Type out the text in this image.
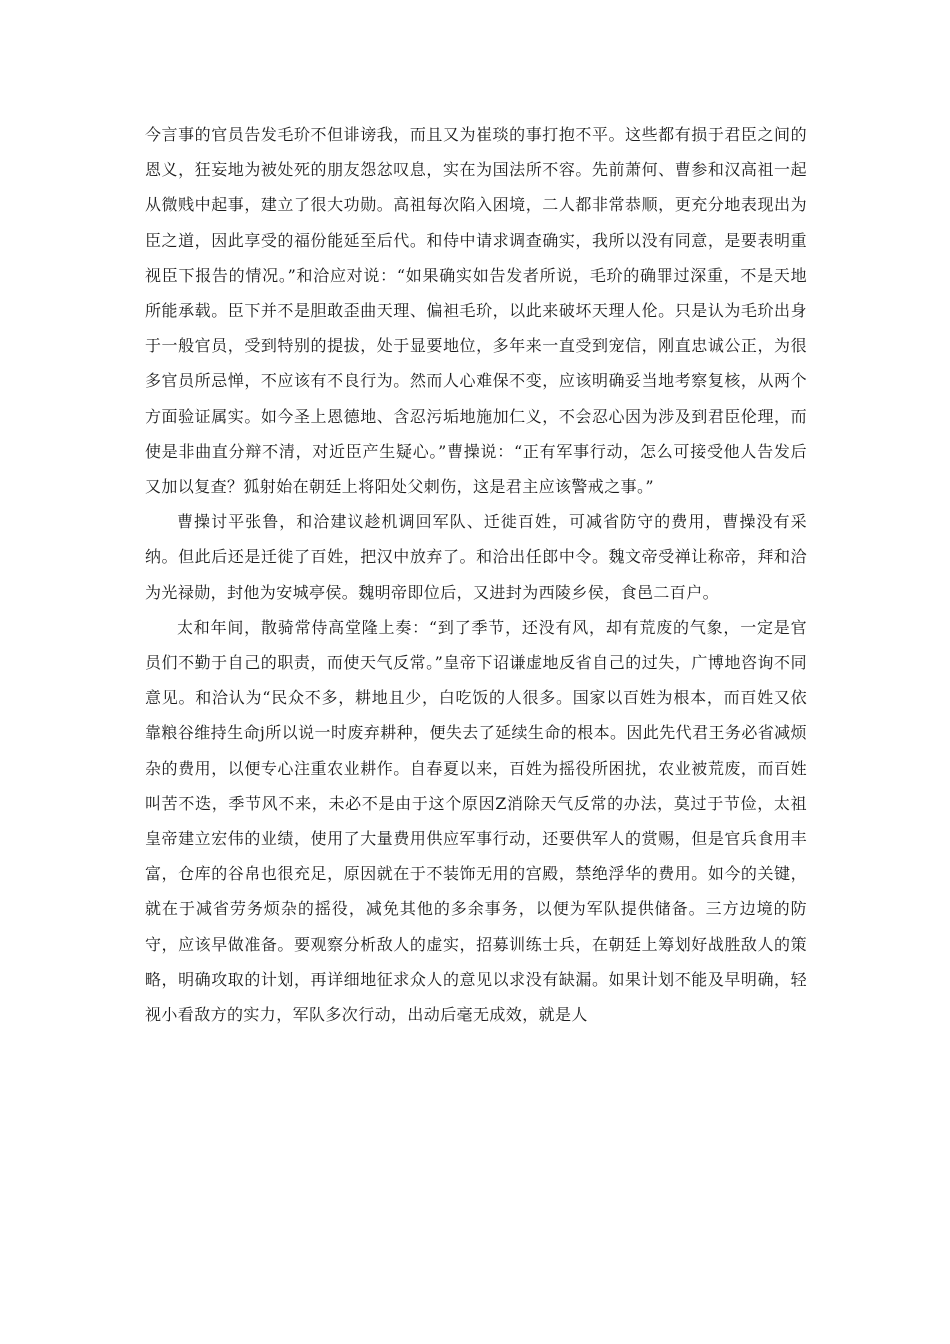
今言事的官员告发毛玠不但诽谤我，而且又为崔琰的事打抱不平。这些都有损于君臣之间的恩义，狂妄地为被处死的朋友怨忿叹息，实在为国法所不容。先前萧何、曹参和汉高祖一起从微贱中起事，建立了很大功勋。高祖每次陷入困境，二人都非常恭顺，更充分地表现出为臣之道，因此享受的福份能延至后代。和侍中请求调查确实，我所以没有同意，是要表明重视臣下报告的情况。”和洽应对说：“如果确实如告发者所说，毛玠的确罪过深重，不是天地所能承载。臣下并不是胆敢歪曲天理、偏袒毛玠，以此来破坏天理人伦。只是认为毛玠出身于一般官员，受到特别的提拔，处于显要地位，多年来一直受到宠信，刚直忠诚公正，为很多官员所忌惮，不应该有不良行为。然而人心难保不变，应该明确妥当地考察复核，从两个方面验证属实。如今圣上恩德地、含忍污垢地施加仁义，不会忍心因为涉及到君臣伦理，而使是非曲直分辩不清，对近臣产生疑心。”曹操说：“正有军事行动，怎么可接受他人告发后又加以复查？狐射始在朝廷上将阳处父刺伤，这是君主应该警戒之事。”

曹操讨平张鲁，和洽建议趁机调回军队、迁徙百姓，可减省防守的费用，曹操没有采纳。但此后还是迁徙了百姓，把汉中放弃了。和洽出任郎中令。魏文帝受禅让称帝，拜和洽为光禄勋，封他为安城亭侯。魏明帝即位后，又进封为西陵乡侯，食邑二百户。

太和年间，散骑常侍高堂隆上奏：“到了季节，还没有风，却有荒废的气象，一定是官员们不勤于自己的职责，而使天气反常。”皇帝下诏谦虚地反省自己的过失，广博地咨询不同意见。和洽认为“民众不多，耕地且少，白吃饭的人很多。国家以百姓为根本，而百姓又依靠粮谷维持生命j所以说一时废弃耕种，便失去了延续生命的根本。因此先代君王务必省减烦杂的费用，以便专心注重农业耕作。自春夏以来，百姓为摇役所困扰，农业被荒废，而百姓叫苦不迭，季节风不来，未必不是由于这个原因Z消除天气反常的办法，莫过于节俭，太祖皇帝建立宏伟的业绩，使用了大量费用供应军事行动，还要供军人的赏赐，但是官兵食用丰富，仓库的谷帛也很充足，原因就在于不装饰无用的宫殿，禁绝浮华的费用。如今的关键，就在于减省劳务烦杂的摇役，减免其他的多余事务，以便为军队提供储备。三方边境的防守，应该早做准备。要观察分析敌人的虚实，招募训练士兵，在朝廷上筹划好战胜敌人的策略，明确攻取的计划，再详细地征求众人的意见以求没有缺漏。如果计划不能及早明确，轻视小看敌方的实力，军队多次行动，出动后毫无成效，就是人
